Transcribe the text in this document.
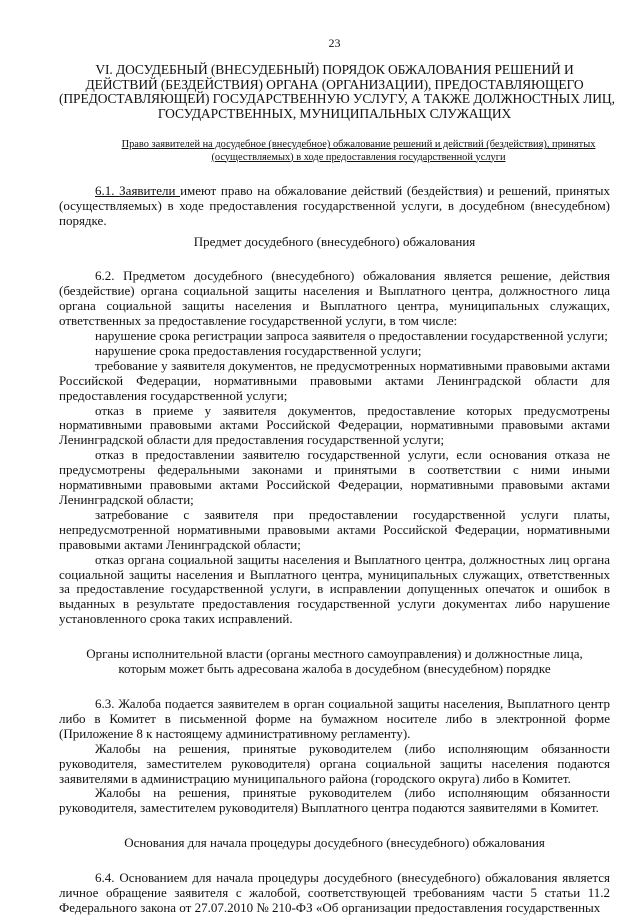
23
VI. ДОСУДЕБНЫЙ (ВНЕСУДЕБНЫЙ) ПОРЯДОК ОБЖАЛОВАНИЯ РЕШЕНИЙ И
ДЕЙСТВИЙ (БЕЗДЕЙСТВИЯ) ОРГАНА (ОРГАНИЗАЦИИ), ПРЕДОСТАВЛЯЮЩЕГО
(ПРЕДОСТАВЛЯЮЩЕЙ) ГОСУДАРСТВЕННУЮ УСЛУГУ, А ТАКЖЕ ДОЛЖНОСТНЫХ ЛИЦ,
ГОСУДАРСТВЕННЫХ, МУНИЦИПАЛЬНЫХ СЛУЖАЩИХ
Право заявителей на досудебное (внесудебное) обжалование решений и действий (бездействия), принятых
(осуществляемых) в ходе предоставления государственной услуги

6.1. Заявители имеют право на обжалование действий (бездействия) и решений, принятых (осуществляемых) в ходе предоставления государственной услуги, в досудебном (внесудебном) порядке.

Предмет досудебного (внесудебного) обжалования

6.2. Предметом досудебного (внесудебного) обжалования является решение, действия (бездействие) органа социальной защиты населения и Выплатного центра, должностного лица органа социальной защиты населения и Выплатного центра, муниципальных служащих, ответственных за предоставление государственной услуги, в том числе:

нарушение срока регистрации запроса заявителя о предоставлении государственной услуги;

нарушение срока предоставления государственной услуги;

требование у заявителя документов, не предусмотренных нормативными правовыми актами Российской Федерации, нормативными правовыми актами Ленинградской области для предоставления государственной услуги;

отказ в приеме у заявителя документов, предоставление которых предусмотрены нормативными правовыми актами Российской Федерации, нормативными правовыми актами Ленинградской области для предоставления государственной услуги;

отказ в предоставлении заявителю государственной услуги, если основания отказа не предусмотрены федеральными законами и принятыми в соответствии с ними иными нормативными правовыми актами Российской Федерации, нормативными правовыми актами Ленинградской области;

затребование с заявителя при предоставлении государственной услуги платы, непредусмотренной нормативными правовыми актами Российской Федерации, нормативными правовыми актами Ленинградской области;

отказ органа социальной защиты населения и Выплатного центра, должностных лиц органа социальной защиты населения и Выплатного центра, муниципальных служащих, ответственных за предоставление государственной услуги, в исправлении допущенных опечаток и ошибок в выданных в результате предоставления государственной услуги документах либо нарушение установленного срока таких исправлений.

Органы исполнительной власти (органы местного самоуправления) и должностные лица,
которым может быть адресована жалоба в досудебном (внесудебном) порядке

6.3. Жалоба подается заявителем в орган социальной защиты населения, Выплатного центр либо в Комитет в письменной форме на бумажном носителе либо в электронной форме (Приложение 8 к настоящему административному регламенту).

Жалобы на решения, принятые руководителем (либо исполняющим обязанности руководителя, заместителем руководителя) органа социальной защиты населения подаются заявителями в администрацию муниципального района (городского округа) либо в Комитет.

Жалобы на решения, принятые руководителем (либо исполняющим обязанности руководителя, заместителем руководителя) Выплатного центра подаются заявителями в Комитет.

Основания для начала процедуры досудебного (внесудебного) обжалования

6.4. Основанием для начала процедуры досудебного (внесудебного) обжалования является личное обращение заявителя с жалобой, соответствующей требованиям части 5 статьи 11.2 Федерального закона от 27.07.2010 № 210-ФЗ «Об организации предоставления государственных
